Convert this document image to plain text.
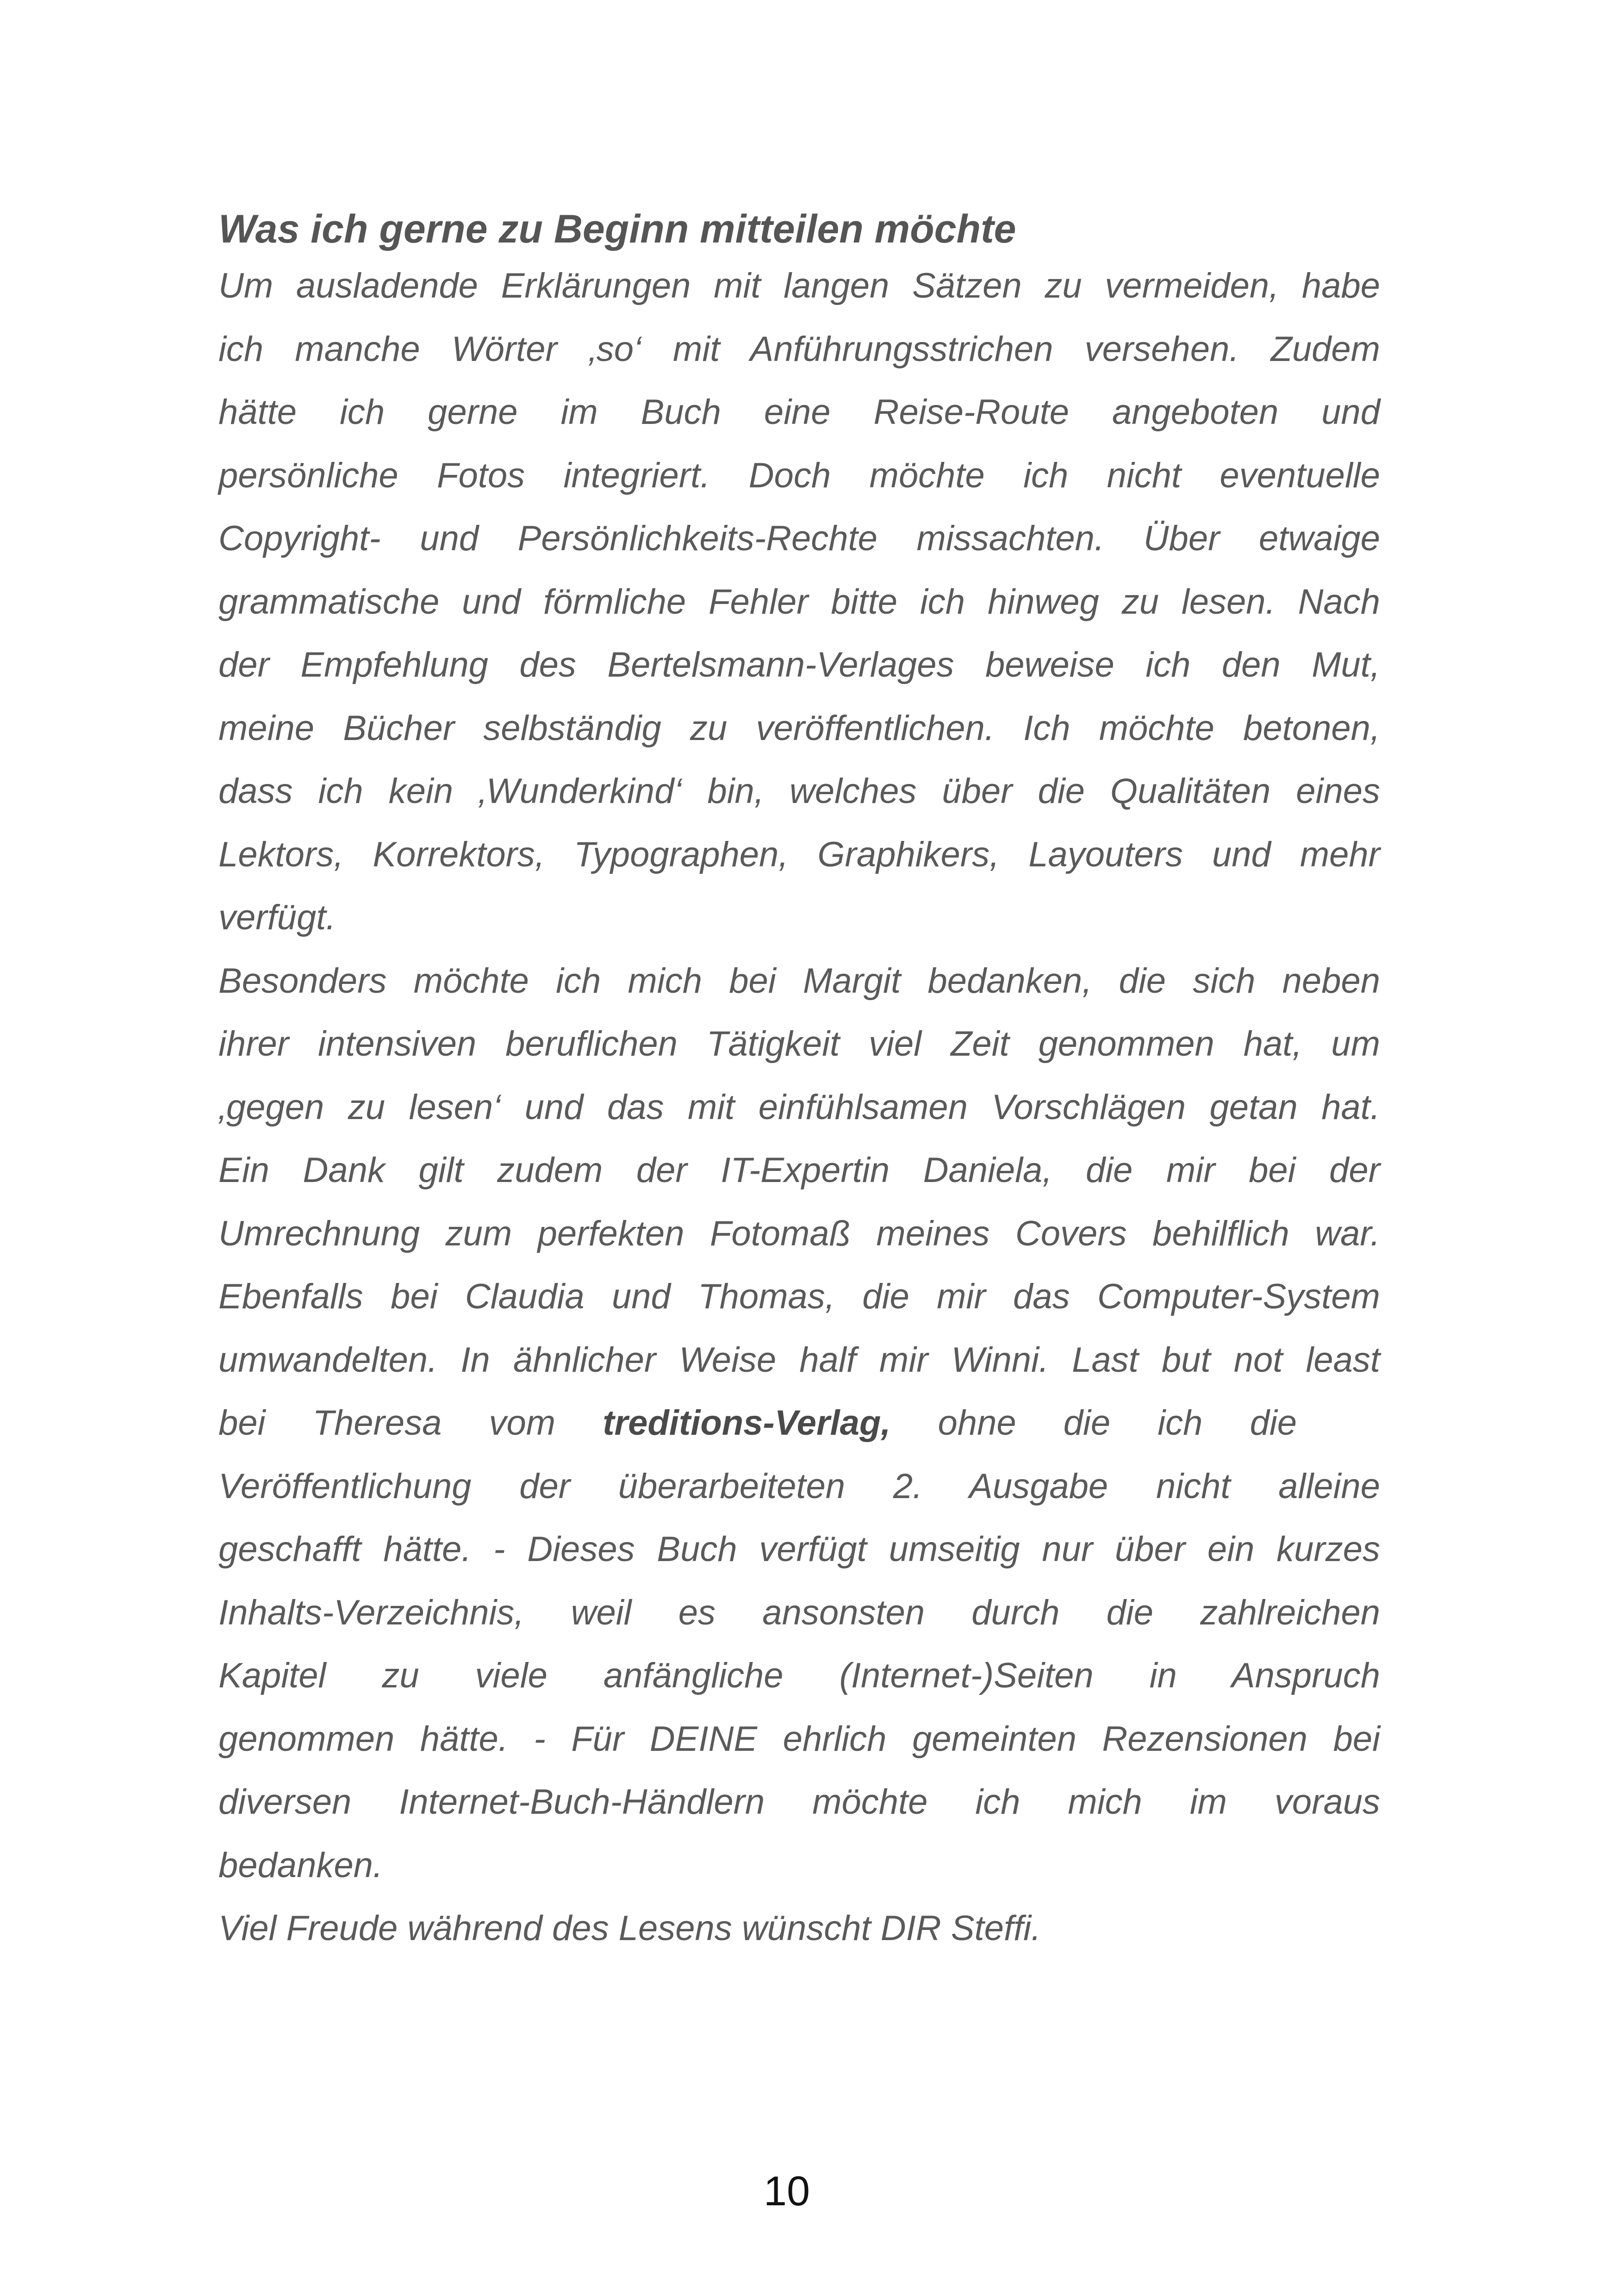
Was ich gerne zu Beginn mitteilen möchte
Um ausladende Erklärungen mit langen Sätzen zu vermeiden, habe
ich manche Wörter ‚so‘ mit Anführungsstrichen versehen. Zudem
hätte ich gerne im Buch eine Reise-Route angeboten und
persönliche Fotos integriert. Doch möchte ich nicht eventuelle
Copyright- und Persönlichkeits-Rechte missachten. Über etwaige
grammatische und förmliche Fehler bitte ich hinweg zu lesen. Nach
der Empfehlung des Bertelsmann-Verlages beweise ich den Mut,
meine Bücher selbständig zu veröffentlichen. Ich möchte betonen,
dass ich kein ‚Wunderkind‘ bin, welches über die Qualitäten eines
Lektors, Korrektors, Typographen, Graphikers, Layouters und mehr
verfügt.
Besonders möchte ich mich bei Margit bedanken, die sich neben
ihrer intensiven beruflichen Tätigkeit viel Zeit genommen hat, um
‚gegen zu lesen‘ und das mit einfühlsamen Vorschlägen getan hat.
Ein Dank gilt zudem der IT-Expertin Daniela, die mir bei der
Umrechnung zum perfekten Fotomaß meines Covers behilflich war.
Ebenfalls bei Claudia und Thomas, die mir das Computer-System
umwandelten. In ähnlicher Weise half mir Winni. Last but not least
bei Theresa vom treditions-Verlag, ohne die ich die
Veröffentlichung der überarbeiteten 2. Ausgabe nicht alleine
geschafft hätte. - Dieses Buch verfügt umseitig nur über ein kurzes
Inhalts-Verzeichnis, weil es ansonsten durch die zahlreichen
Kapitel zu viele anfängliche (Internet-)Seiten in Anspruch
genommen hätte. - Für DEINE ehrlich gemeinten Rezensionen bei
diversen Internet-Buch-Händlern möchte ich mich im voraus
bedanken.
Viel Freude während des Lesens wünscht DIR Steffi.
10
